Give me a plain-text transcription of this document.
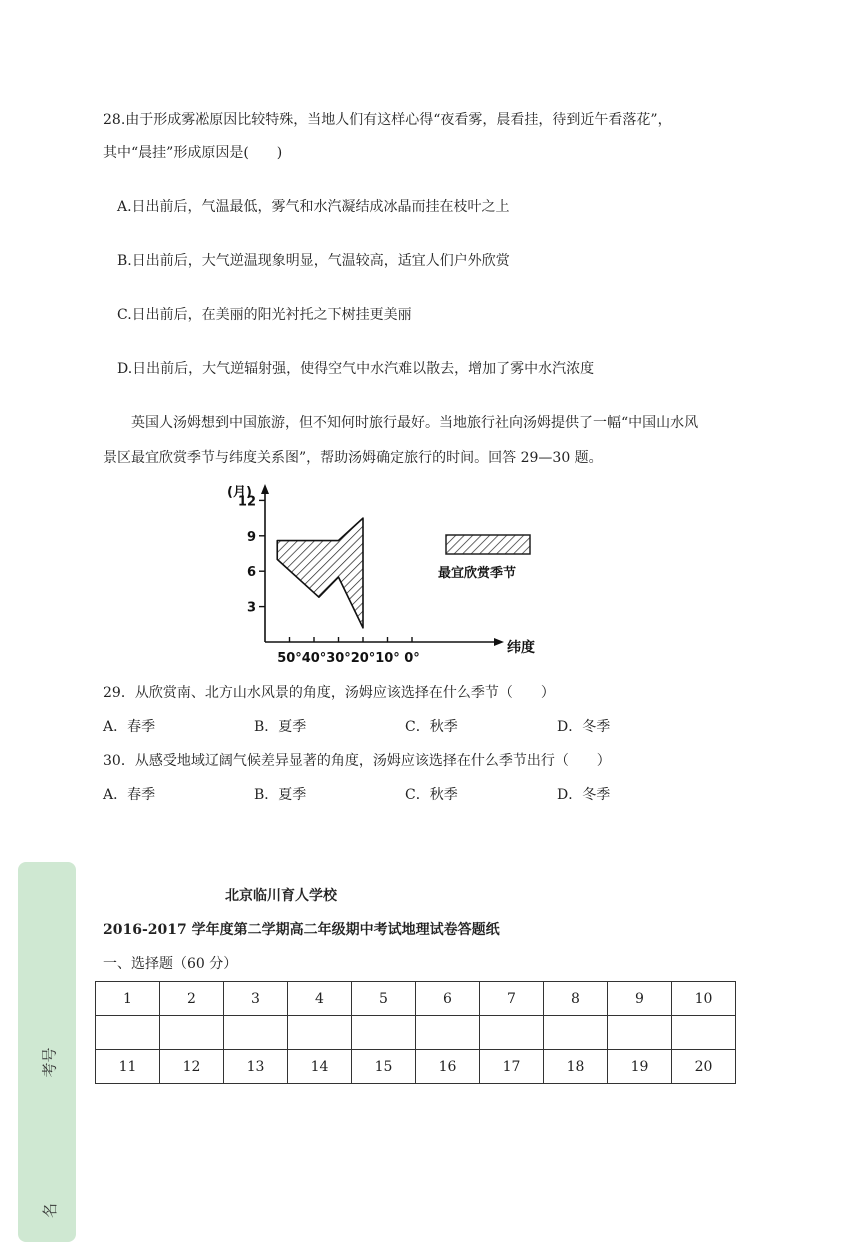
28.由于形成雾凇原因比较特殊，当地人们有这样心得“夜看雾，晨看挂，待到近午看落花”，
其中“晨挂”形成原因是(　　)
A.日出前后，气温最低，雾气和水汽凝结成冰晶而挂在枝叶之上
B.日出前后，大气逆温现象明显，气温较高，适宜人们户外欣赏
C.日出前后，在美丽的阳光衬托之下树挂更美丽
D.日出前后，大气逆辐射强，使得空气中水汽难以散去，增加了雾中水汽浓度
英国人汤姆想到中国旅游，但不知何时旅行最好。当地旅行社向汤姆提供了一幅“中国山水风
景区最宜欣赏季节与纬度关系图”，帮助汤姆确定旅行的时间。回答 29—30 题。
12
9
6
3
50° 40° 30° 20° 10° 0°
最宜欣赏季节
(月)
纬度
29．从欣赏南、北方山水风景的角度，汤姆应该选择在什么季节（　　）
A．春季	B．夏季	C．秋季	D．冬季
30．从感受地域辽阔气候差异显著的角度，汤姆应该选择在什么季节出行（　　）
A．春季	B．夏季	C．秋季	D．冬季
考号
名
北京临川育人学校
2016-2017 学年度第二学期高二年级期中考试地理试卷答题纸
一、选择题（60 分）
1	2	3	4	5	6	7	8	9	10

11	12	13	14	15	16	17	18	19	20
